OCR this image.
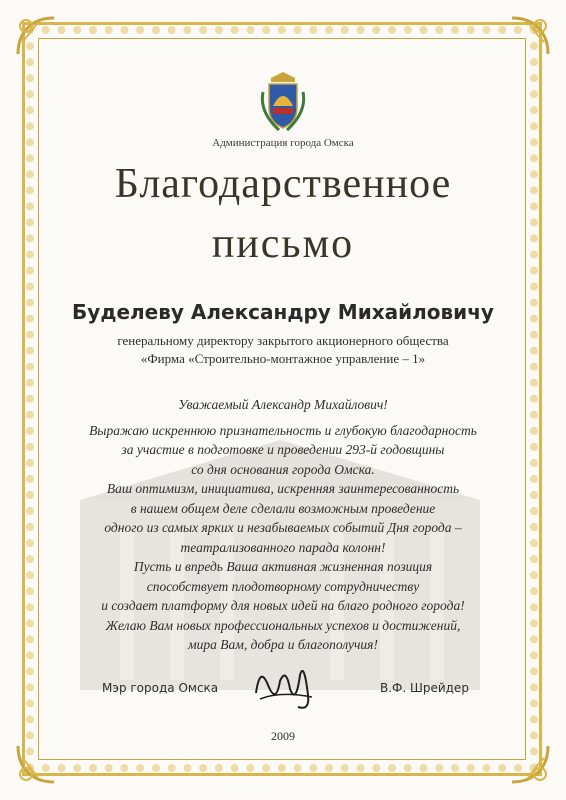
Администрация города Омска
Благодарственное
письмо
Буделеву Александру Михайловичу
генеральному директору закрытого акционерного общества
«Фирма «Строительно-монтажное управление – 1»

Уважаемый Александр Михайлович!

Выражаю искреннюю признательность и глубокую благодарность

за участие в подготовке и проведении 293-й годовщины

со дня основания города Омска.

Ваш оптимизм, инициатива, искренняя заинтересованность

в нашем общем деле сделали возможным проведение

одного из самых ярких и незабываемых событий Дня города –

театрализованного парада колонн!

Пусть и впредь Ваша активная жизненная позиция

способствует плодотворному сотрудничеству

и создает платформу для новых идей на благо родного города!

Желаю Вам новых профессиональных успехов и достижений,

мира Вам, добра и благополучия!

Мэр города Омска	В.Ф. Шрейдер
2009
